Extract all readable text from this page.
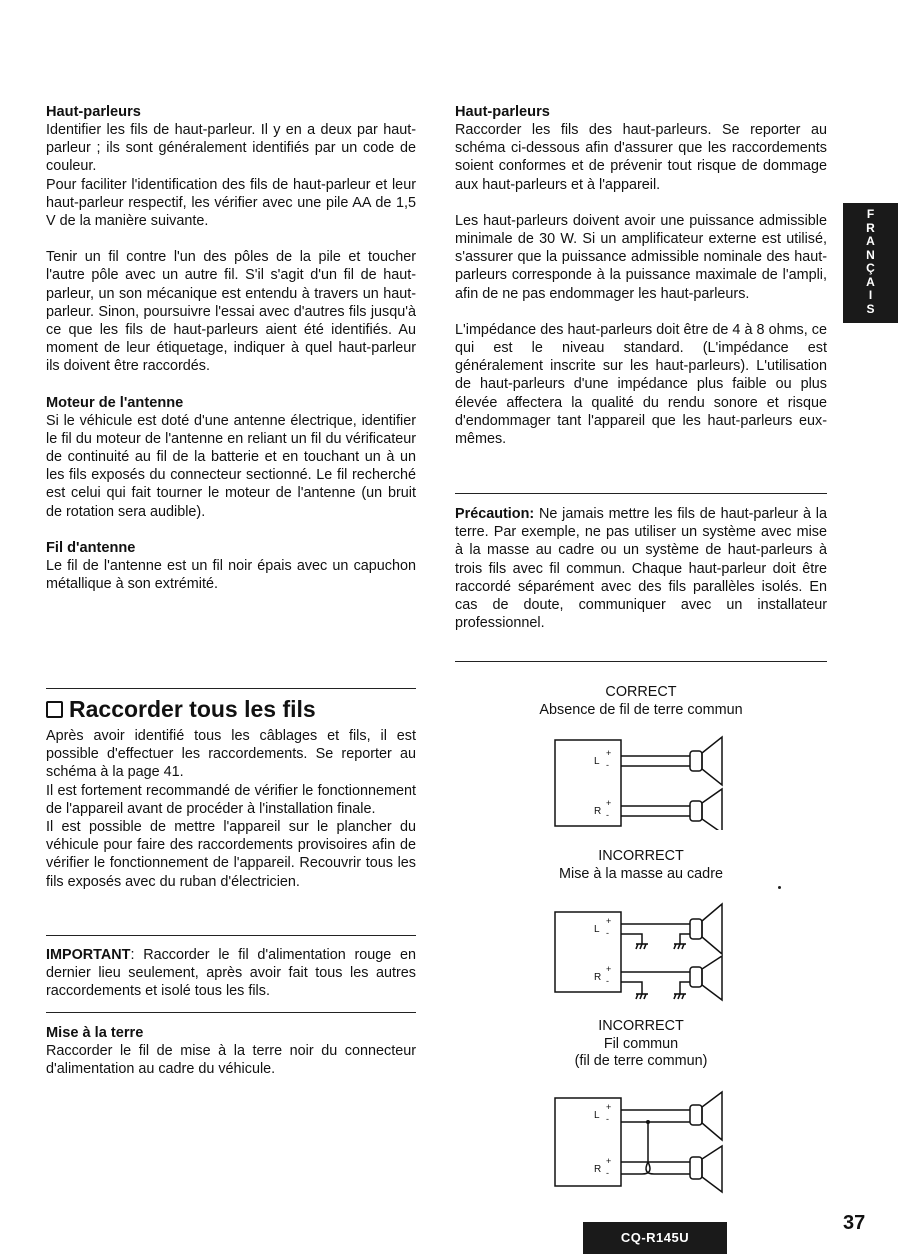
Haut-parleurs

Identifier les fils de haut-parleur. Il y en a deux par haut-parleur ; ils sont généralement identifiés par un code de couleur.

Pour faciliter l'identification des fils de haut-parleur et leur haut-parleur respectif, les vérifier avec une pile AA de 1,5 V de la manière suivante.

Tenir un fil contre l'un des pôles de la pile et toucher l'autre pôle avec un autre fil. S'il s'agit d'un fil de haut-parleur, un son mécanique est entendu à travers un haut-parleur. Sinon, poursuivre l'essai avec d'autres fils jusqu'à ce que les fils de haut-parleurs aient été identifiés. Au moment de leur étiquetage, indiquer à quel haut-parleur ils doivent être raccordés.

Moteur de l'antenne

Si le véhicule est doté d'une antenne électrique, identifier le fil du moteur de l'antenne en reliant un fil du vérificateur de continuité au fil de la batterie et en touchant un à un les fils exposés du connecteur sectionné. Le fil recherché est celui qui fait tourner le moteur de l'antenne (un bruit de rotation sera audible).

Fil d'antenne

Le fil de l'antenne est un fil noir épais avec un capuchon métallique à son extrémité.

Haut-parleurs

Raccorder les fils des haut-parleurs. Se reporter au schéma ci-dessous afin d'assurer que les raccordements soient conformes et de prévenir tout risque de dommage aux haut-parleurs et à l'appareil.

Les haut-parleurs doivent avoir une puissance admissible minimale de 30 W. Si un amplificateur externe est utilisé, s'assurer que la puissance admissible nominale des haut-parleurs corresponde à la puissance maximale de l'ampli, afin de ne pas endommager les haut-parleurs.

L'impédance des haut-parleurs doit être de 4 à 8 ohms, ce qui est le niveau standard. (L'impédance est généralement inscrite sur les haut-parleurs). L'utilisation de haut-parleurs d'une impédance plus faible ou plus élevée affectera la qualité du rendu sonore et risque d'endommager tant l'appareil que les haut-parleurs eux-mêmes.

Précaution: Ne jamais mettre les fils de haut-parleur à la terre. Par exemple, ne pas utiliser un système avec mise à la masse au cadre ou un système de haut-parleurs à trois fils avec fil commun. Chaque haut-parleur doit être raccordé séparément avec des fils parallèles isolés. En cas de doute, communiquer avec un installateur professionnel.

F
R
A
N
Ç
A
I
S
Raccorder tous les fils

Après avoir identifié tous les câblages et fils, il est possible d'effectuer les raccordements. Se reporter au schéma à la page 41.

Il est fortement recommandé de vérifier le fonctionnement de l'appareil avant de procéder à l'installation finale.

Il est possible de mettre l'appareil sur le plancher du véhicule pour faire des raccordements provisoires afin de vérifier le fonctionnement de l'appareil. Recouvrir tous les fils exposés avec du ruban d'électricien.

IMPORTANT: Raccorder le fil d'alimentation rouge en dernier lieu seulement, après avoir fait tous les autres raccordements et isolé tous les fils.

Mise à la terre

Raccorder le fil de mise à la terre noir du connecteur d'alimentation au cadre du véhicule.

CORRECT
Absence de fil de terre commun
INCORRECT
Mise à la masse au cadre
INCORRECT
Fil commun
(fil de terre commun)
L
+
-
R
+
-
L
+
-
R
+
-
L
+
-
R
+
-
CQ-R145U
37
